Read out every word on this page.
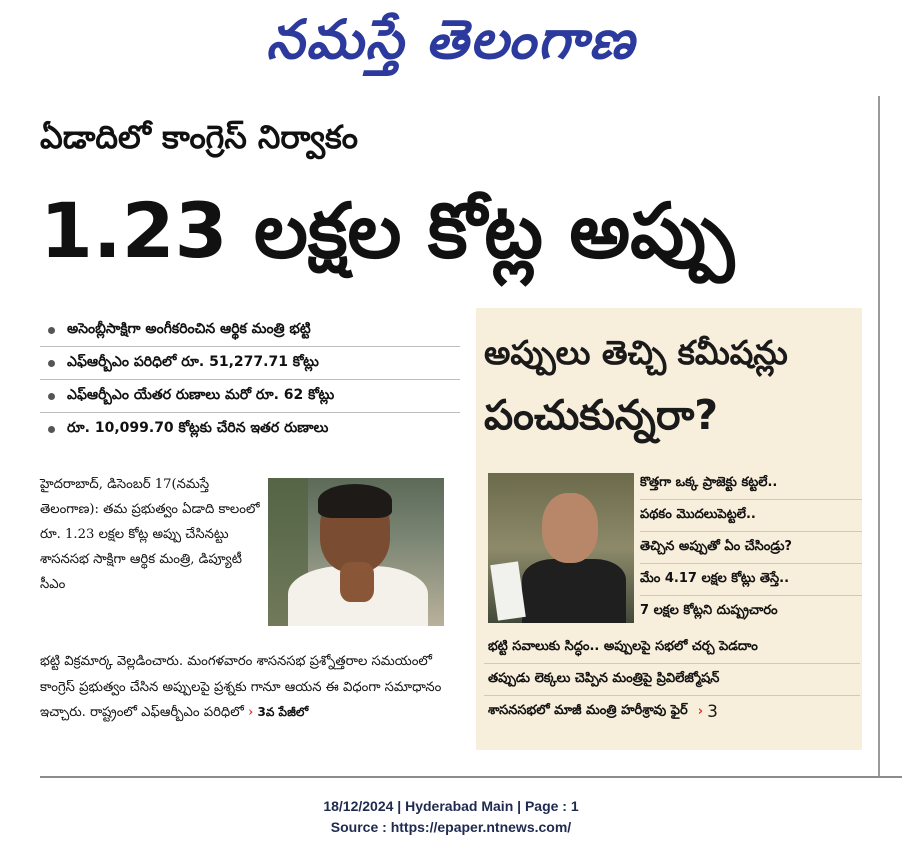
నమస్తే తెలంగాణ
ఏడాదిలో కాంగ్రెస్ నిర్వాకం
1.23 లక్షల కోట్ల అప్పు
అసెంబ్లీసాక్షిగా అంగీకరించిన ఆర్థిక మంత్రి భట్టి
ఎఫ్ఆర్బీఎం పరిధిలో రూ. 51,277.71 కోట్లు
ఎఫ్ఆర్బీఎం యేతర రుణాలు మరో రూ. 62 కోట్లు
రూ. 10,099.70 కోట్లకు చేరిన ఇతర రుణాలు
హైదరాబాద్, డిసెంబర్ 17(నమస్తే తెలంగాణ): తమ ప్రభుత్వం ఏడాది కాలంలో రూ. 1.23 లక్షల కోట్ల అప్పు చేసినట్టు శాసనసభ సాక్షిగా ఆర్థిక మంత్రి, డిప్యూటీ సీఎం
భట్టి విక్రమార్క వెల్లడించారు. మంగళవారం శాసనసభ ప్రశ్నోత్తరాల సమయంలో కాంగ్రెస్ ప్రభుత్వం చేసిన అప్పులపై ప్రశ్నకు గానూ ఆయన ఈ విధంగా సమాధానం ఇచ్చారు. రాష్ట్రంలో ఎఫ్ఆర్బీఎం పరిధిలో › 3వ పేజీలో
అప్పులు తెచ్చి కమీషన్లు
పంచుకున్నరా?
కొత్తగా ఒక్క ప్రాజెక్టు కట్టలే..
పథకం మొదలుపెట్టలే..
తెచ్చిన అప్పుతో ఏం చేసిండ్రు?
మేం 4.17 లక్షల కోట్లు తెస్తే..
7 లక్షల కోట్లని దుష్ప్రచారం
భట్టి సవాలుకు సిద్ధం.. అప్పులపై సభలో చర్చ పెడదాం
తప్పుడు లెక్కలు చెప్పిన మంత్రిపై ప్రివిలేజ్మోషన్
శాసనసభలో మాజీ మంత్రి హరీశ్రావు ఫైర్ › 3
18/12/2024 | Hyderabad Main | Page : 1
Source : https://epaper.ntnews.com/
